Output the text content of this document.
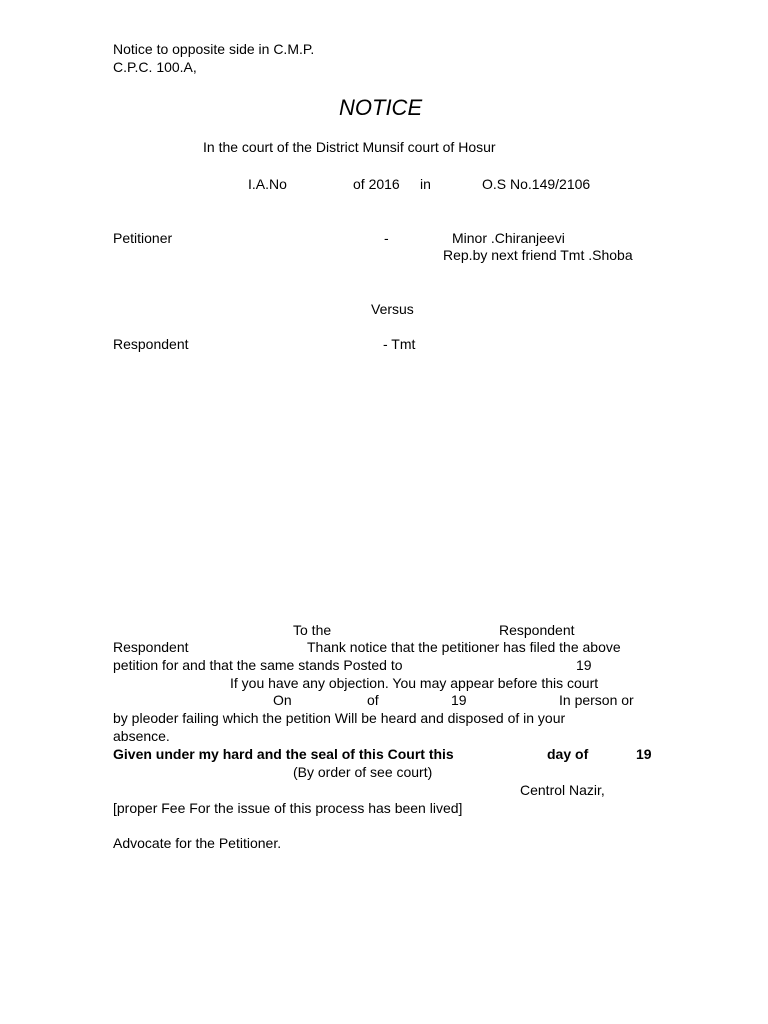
Notice to opposite side in C.M.P.
C.P.C. 100.A,
NOTICE
In the court of the District Munsif court of Hosur
I.A.No	of 2016 in	O.S No.149/2106
Petitioner	-	Minor .Chiranjeevi
Rep.by next friend Tmt .Shoba
Versus
Respondent	- Tmt
To the	Respondent
Respondent	Thank notice that the petitioner has filed the above
petition for and that the same stands Posted to	19
If you have any objection. You may appear before this court
On	of	19	In person or
by pleoder failing which the petition Will be heard and disposed of in your
absence.
Given under my hard and the seal of this Court this	day of	19
(By order of see court)
Centrol Nazir,
[proper Fee For the issue of this process has been lived]
Advocate for the Petitioner.
